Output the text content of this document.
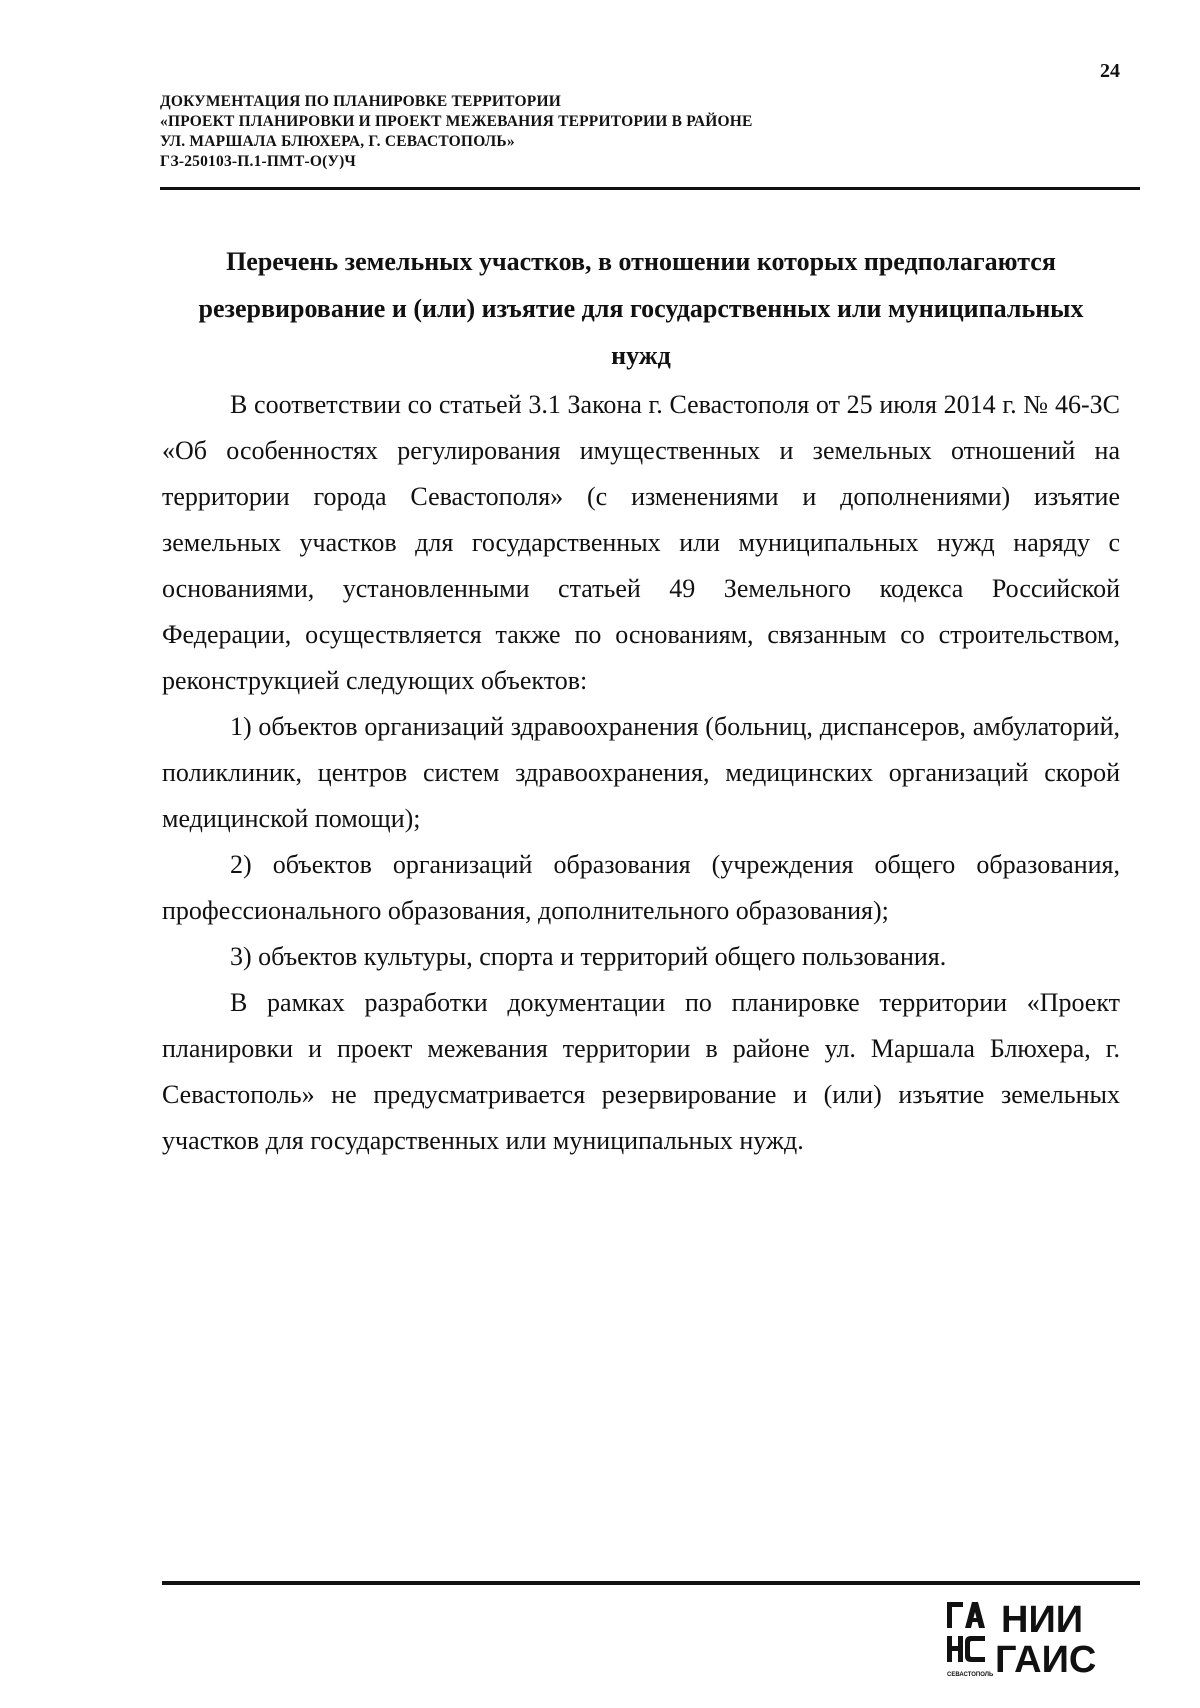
24
ДОКУМЕНТАЦИЯ ПО ПЛАНИРОВКЕ ТЕРРИТОРИИ
«ПРОЕКТ ПЛАНИРОВКИ И ПРОЕКТ МЕЖЕВАНИЯ ТЕРРИТОРИИ В РАЙОНЕ
УЛ. МАРШАЛА БЛЮХЕРА, Г. СЕВАСТОПОЛЬ»
ГЗ-250103-П.1-ПМТ-О(У)Ч
Перечень земельных участков, в отношении которых предполагаются
резервирование и (или) изъятие для государственных или муниципальных
нужд

В соответствии со статьей 3.1 Закона г. Севастополя от 25 июля 2014 г. № 46-ЗС «Об особенностях регулирования имущественных и земельных отношений на территории города Севастополя» (с изменениями и дополнениями) изъятие земельных участков для государственных или муниципальных нужд наряду с основаниями, установленными статьей 49 Земельного кодекса Российской Федерации, осуществляется также по основаниям, связанным со строительством, реконструкцией следующих объектов:

1) объектов организаций здравоохранения (больниц, диспансеров, амбулаторий, поликлиник, центров систем здравоохранения, медицинских организаций скорой медицинской помощи);

2) объектов организаций образования (учреждения общего образования, профессионального образования, дополнительного образования);

3) объектов культуры, спорта и территорий общего пользования.

В рамках разработки документации по планировке территории «Проект планировки и проект межевания территории в районе ул. Маршала Блюхера, г. Севастополь» не предусматривается резервирование и (или) изъятие земельных участков для государственных или муниципальных нужд.

СЕВАСТОПОЛЬ
НИИ
ГАИС
